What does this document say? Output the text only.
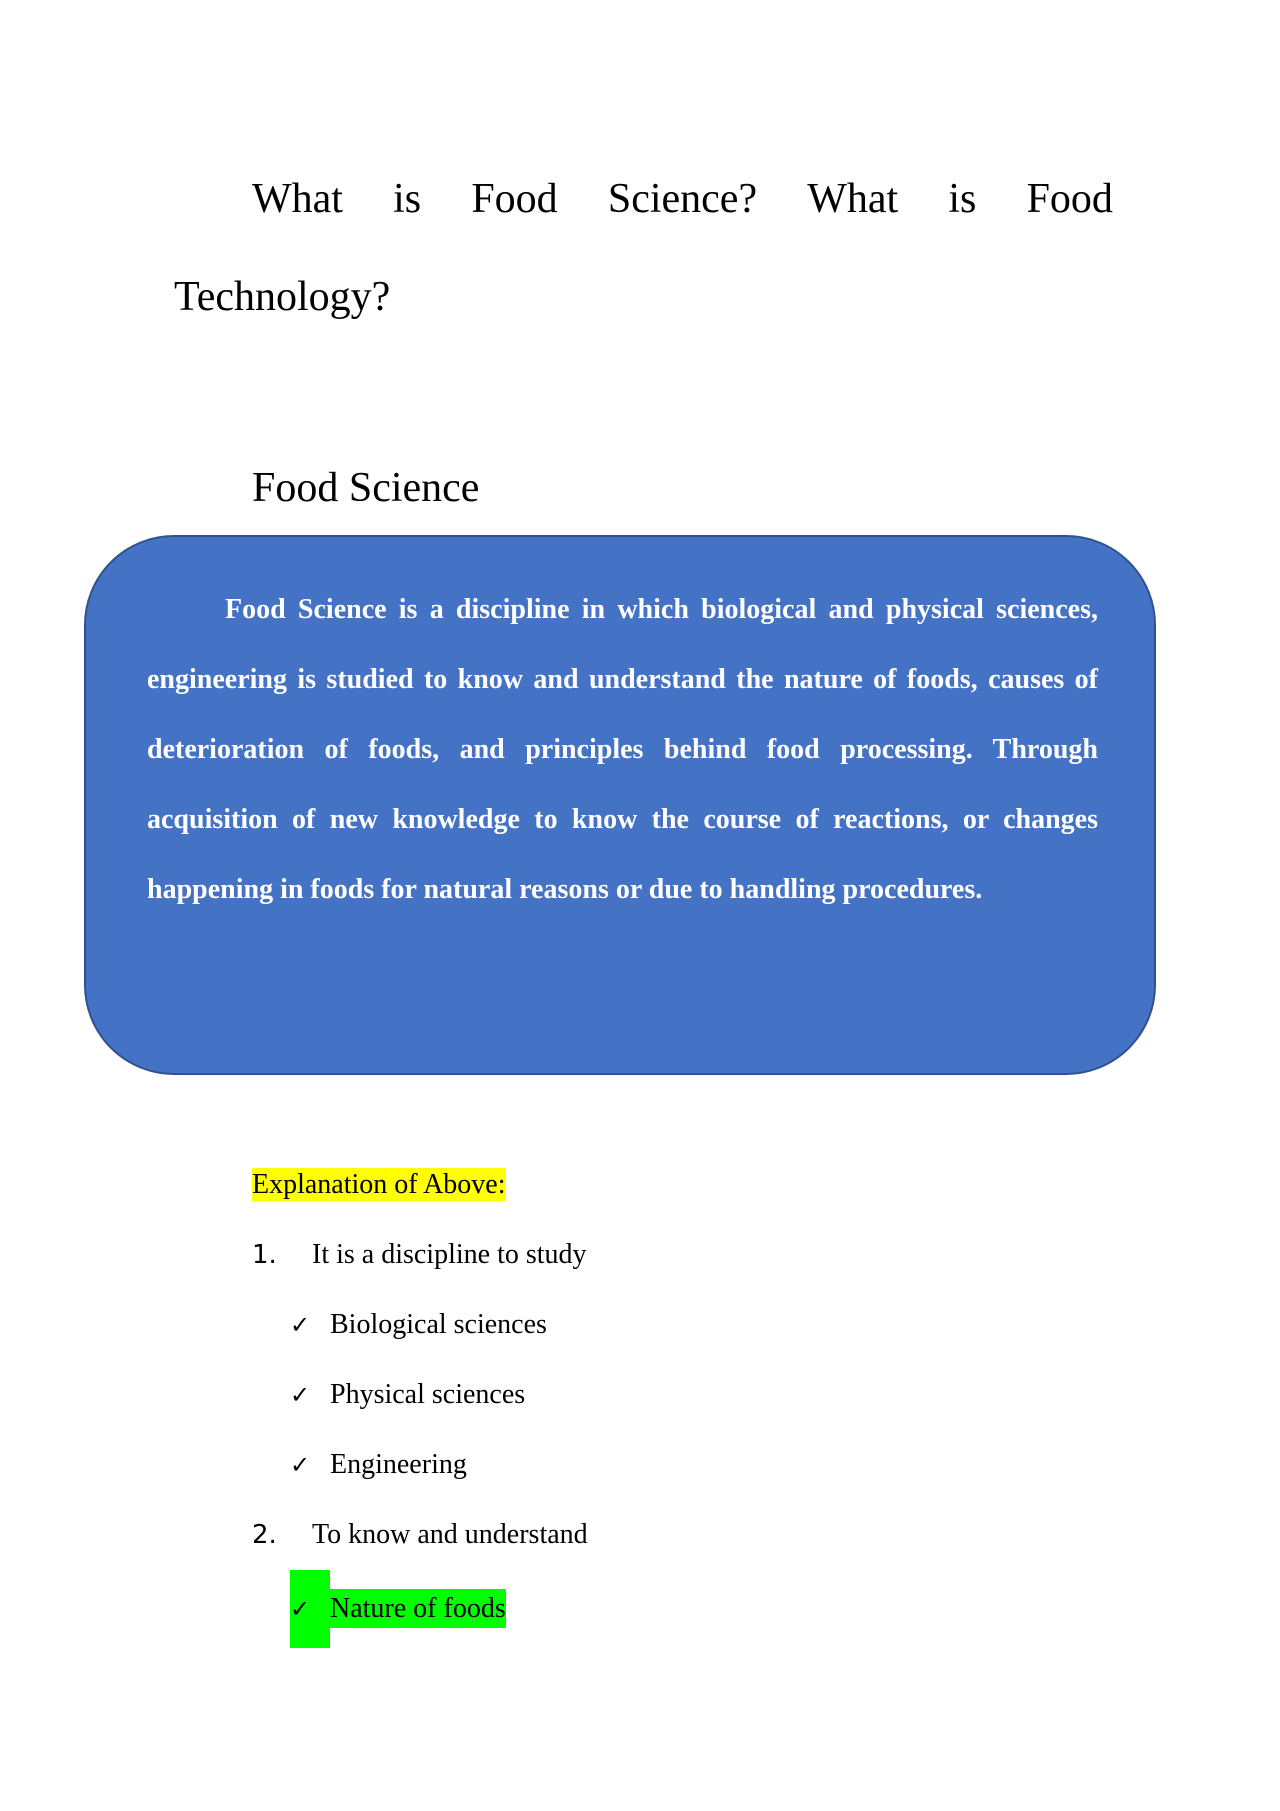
What is Food Science? What is Food
Technology?
Food Science

Food Science is a discipline in which biological and physical sciences, engineering is studied to know and understand the nature of foods, causes of deterioration of foods, and principles behind food processing. Through acquisition of new knowledge to know the course of reactions, or changes happening in foods for natural reasons or due to handling procedures.

Explanation of Above:
1. It is a discipline to study
✓ Biological sciences
✓ Physical sciences
✓ Engineering
2. To know and understand
✓ Nature of foods
